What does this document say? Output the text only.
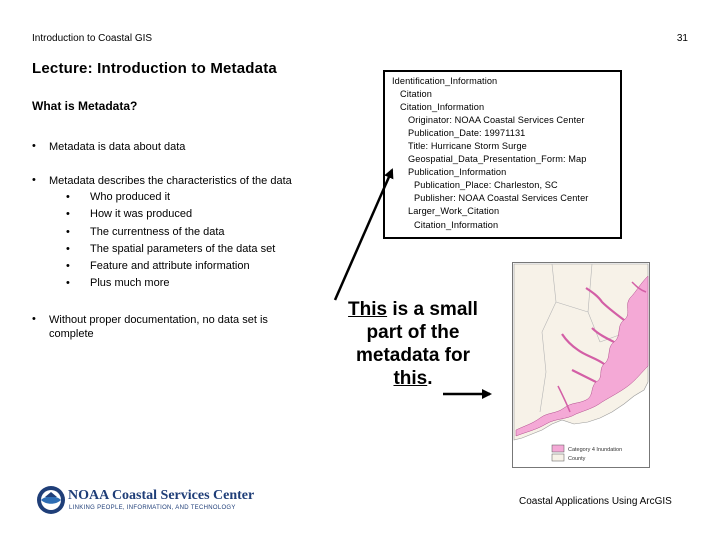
Introduction to Coastal GIS	31
Lecture: Introduction to Metadata
What is Metadata?
• Metadata is data about data
• Metadata describes the characteristics of the data
• Who produced it
• How it was produced
• The currentness of the data
• The spatial parameters of the data set
• Feature and attribute information
• Plus much more
• Without proper documentation, no data set is complete
Identification_Information
Citation
Citation_Information
Originator: NOAA Coastal Services Center
Publication_Date: 19971131
Title: Hurricane Storm Surge
Geospatial_Data_Presentation_Form: Map
Publication_Information
Publication_Place: Charleston, SC
Publisher: NOAA Coastal Services Center
Larger_Work_Citation
Citation_Information
This is a small
part of the
metadata for
this.
Category 4 Inundation
County
NOAA Coastal Services Center
LINKING PEOPLE, INFORMATION, AND TECHNOLOGY
Coastal Applications Using ArcGIS
